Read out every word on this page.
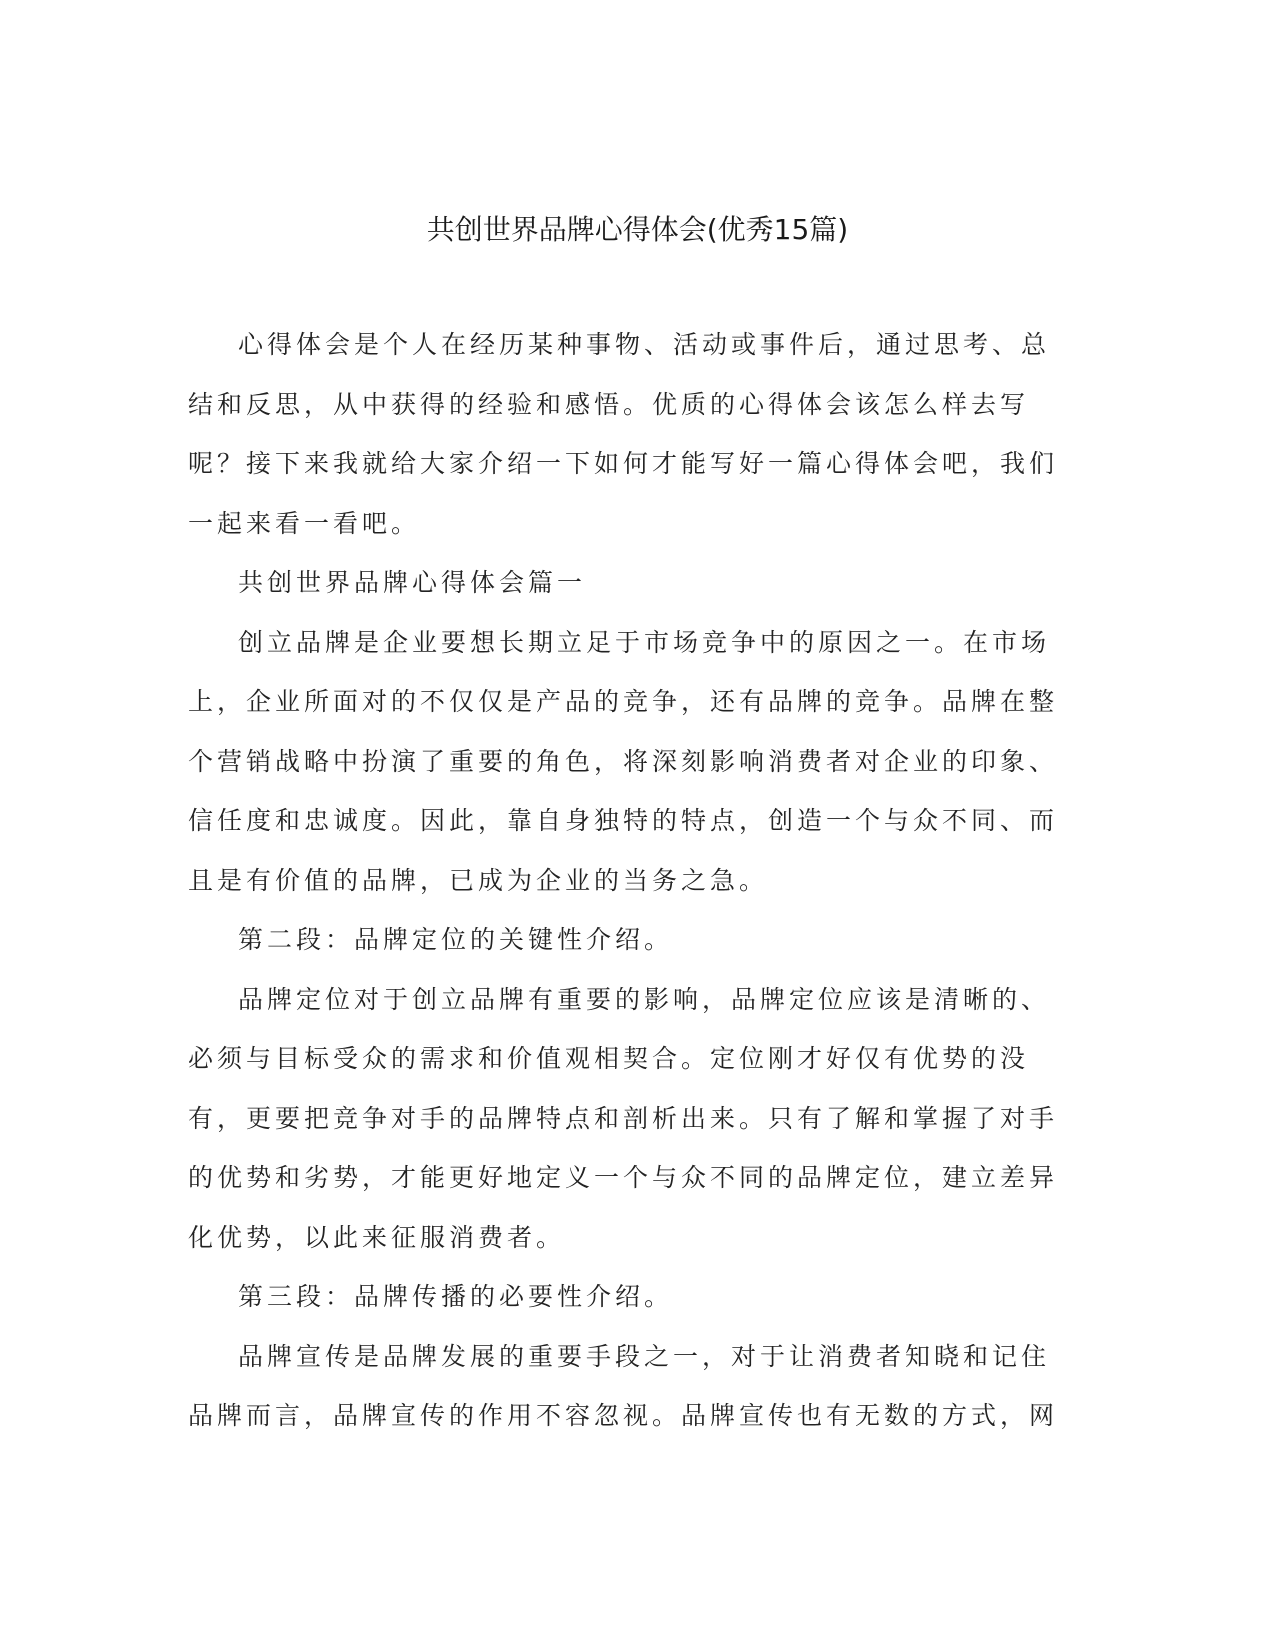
共创世界品牌心得体会(优秀15篇)

心得体会是个人在经历某种事物、活动或事件后，通过思考、总结和反思，从中获得的经验和感悟。优质的心得体会该怎么样去写呢？接下来我就给大家介绍一下如何才能写好一篇心得体会吧，我们一起来看一看吧。

共创世界品牌心得体会篇一

创立品牌是企业要想长期立足于市场竞争中的原因之一。在市场上，企业所面对的不仅仅是产品的竞争，还有品牌的竞争。品牌在整个营销战略中扮演了重要的角色，将深刻影响消费者对企业的印象、信任度和忠诚度。因此，靠自身独特的特点，创造一个与众不同、而且是有价值的品牌，已成为企业的当务之急。

第二段：品牌定位的关键性介绍。

品牌定位对于创立品牌有重要的影响，品牌定位应该是清晰的、必须与目标受众的需求和价值观相契合。定位刚才好仅有优势的没有，更要把竞争对手的品牌特点和剖析出来。只有了解和掌握了对手的优势和劣势，才能更好地定义一个与众不同的品牌定位，建立差异化优势，以此来征服消费者。

第三段：品牌传播的必要性介绍。

品牌宣传是品牌发展的重要手段之一，对于让消费者知晓和记住品牌而言，品牌宣传的作用不容忽视。品牌宣传也有无数的方式，网
